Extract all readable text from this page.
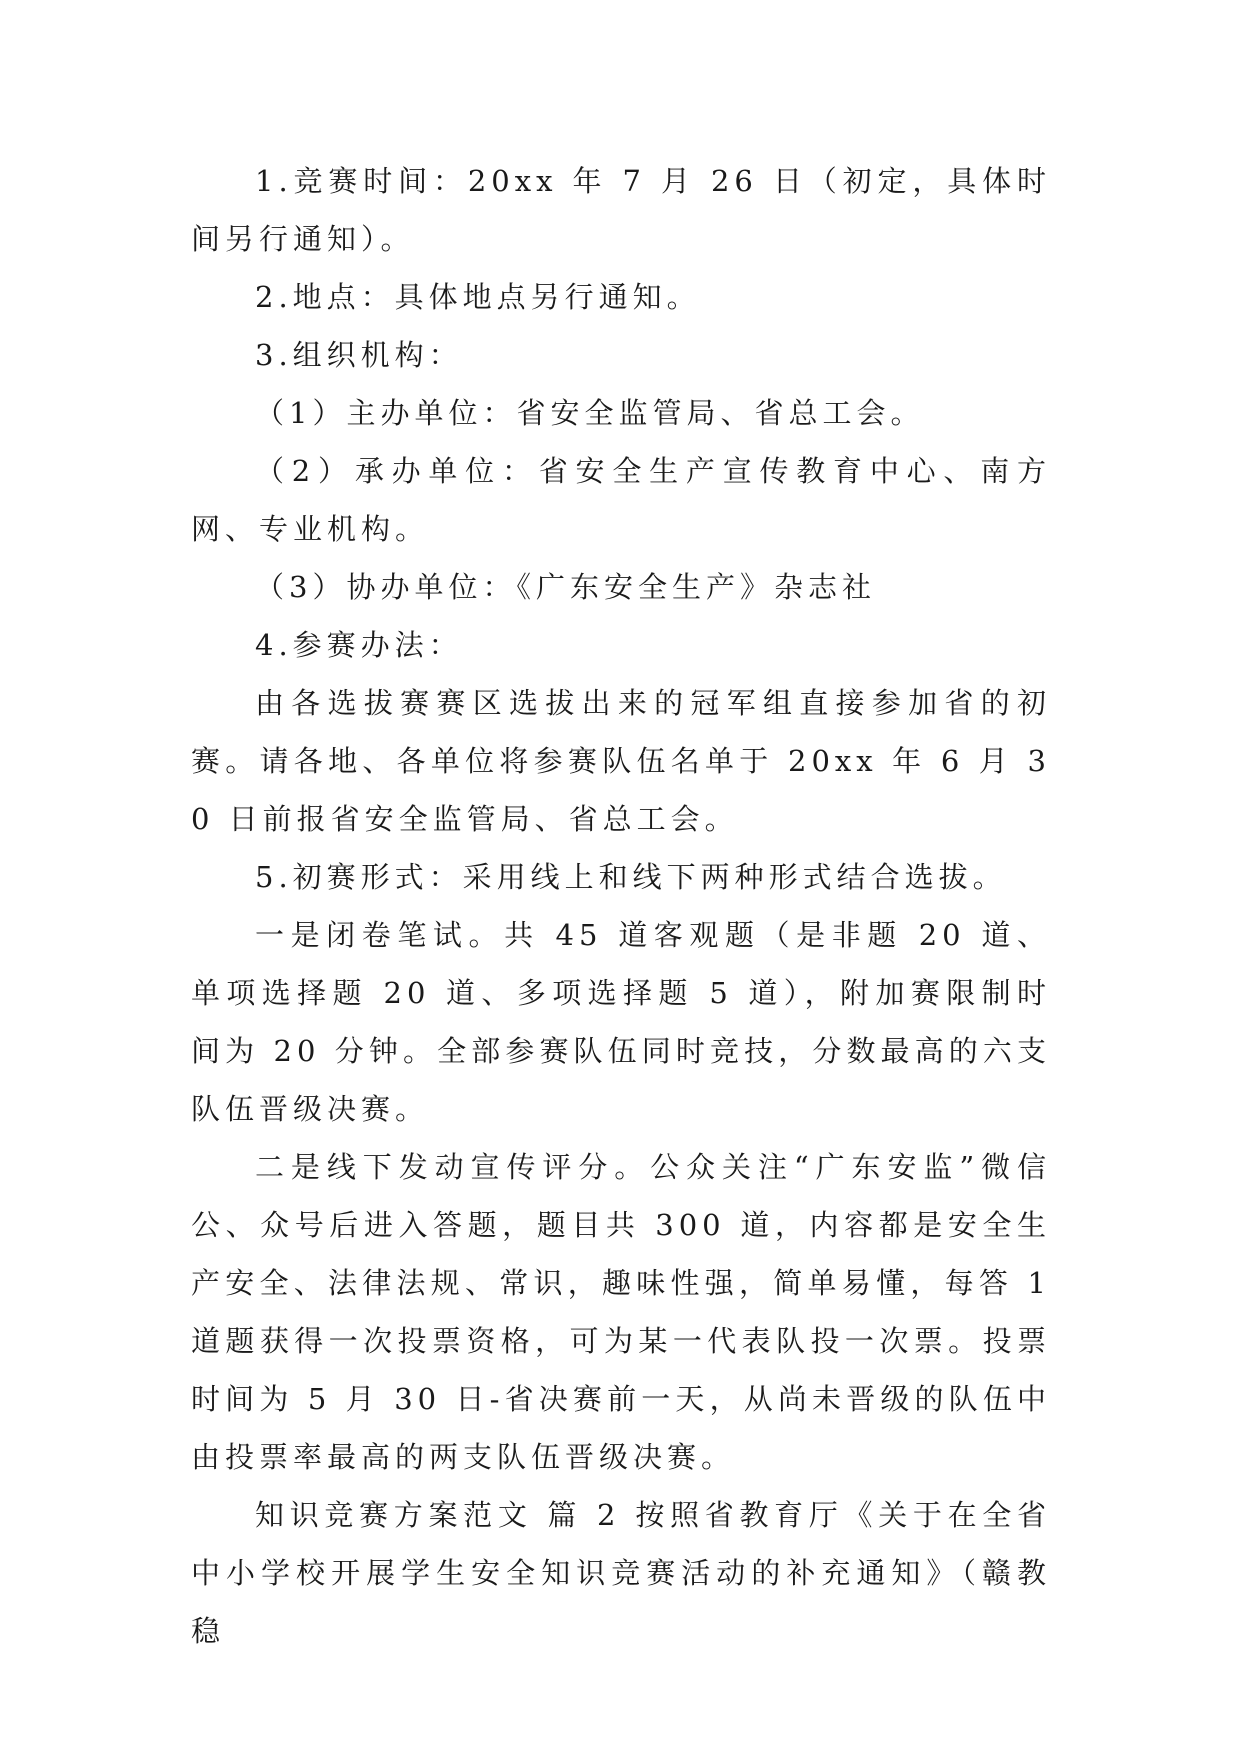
1.竞赛时间：20xx 年 7 月 26 日（初定，具体时间另行通知）。

2.地点：具体地点另行通知。

3.组织机构：

（1）主办单位：省安全监管局、省总工会。

（2）承办单位：省安全生产宣传教育中心、南方网、专业机构。

（3）协办单位：《广东安全生产》杂志社

4.参赛办法：

由各选拔赛赛区选拔出来的冠军组直接参加省的初赛。请各地、各单位将参赛队伍名单于 20xx 年 6 月 30 日前报省安全监管局、省总工会。

5.初赛形式：采用线上和线下两种形式结合选拔。

一是闭卷笔试。共 45 道客观题（是非题 20 道、单项选择题 20 道、多项选择题 5 道），附加赛限制时间为 20 分钟。全部参赛队伍同时竞技，分数最高的六支队伍晋级决赛。

二是线下发动宣传评分。公众关注“广东安监”微信公、众号后进入答题，题目共 300 道，内容都是安全生产安全、法律法规、常识，趣味性强，简单易懂，每答 1 道题获得一次投票资格，可为某一代表队投一次票。投票时间为 5 月 30 日-省决赛前一天，从尚未晋级的队伍中由投票率最高的两支队伍晋级决赛。

知识竞赛方案范文 篇 2 按照省教育厅《关于在全省中小学校开展学生安全知识竞赛活动的补充通知》（赣教稳
